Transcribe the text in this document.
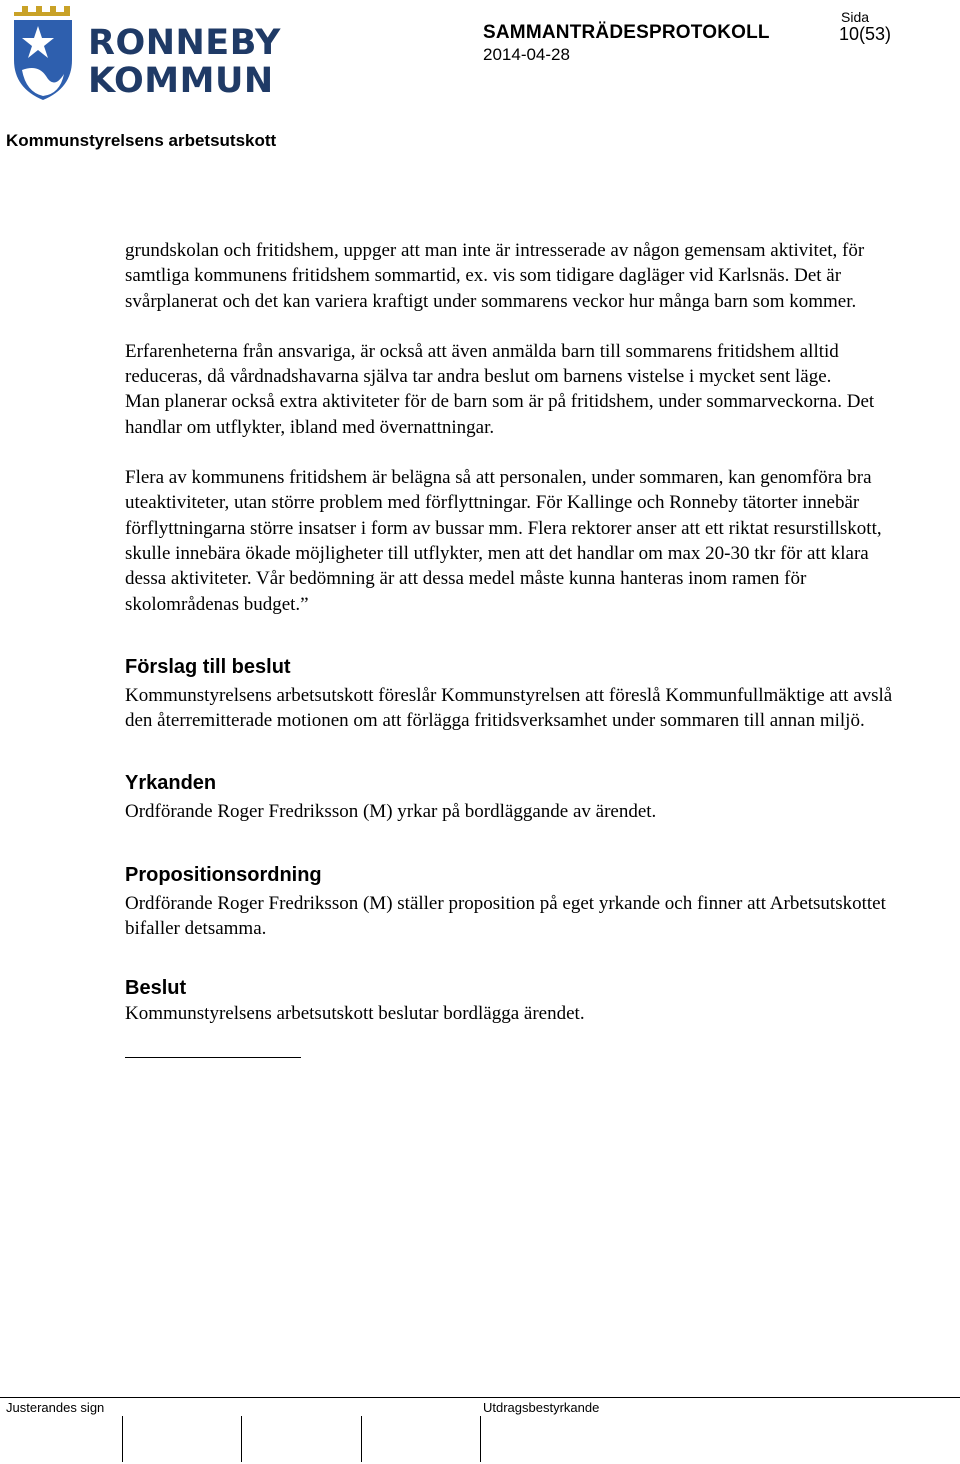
RONNEBY
KOMMUN
SAMMANTRÄDESPROTOKOLL
2014-04-28
Sida
10(53)
Kommunstyrelsens arbetsutskott

grundskolan och fritidshem, uppger att man inte är intresserade av någon gemensam aktivitet, för samtliga kommunens fritidshem sommartid, ex. vis som tidigare dagläger vid Karlsnäs. Det är svårplanerat och det kan variera kraftigt under sommarens veckor hur många barn som kommer.

Erfarenheterna från ansvariga, är också att även anmälda barn till sommarens fritidshem alltid reduceras, då vårdnadshavarna själva tar andra beslut om barnens vistelse i mycket sent läge.

Man planerar också extra aktiviteter för de barn som är på fritidshem, under sommarveckorna. Det handlar om utflykter, ibland med övernattningar.

Flera av kommunens fritidshem är belägna så att personalen, under sommaren, kan genomföra bra uteaktiviteter, utan större problem med förflyttningar. För Kallinge och Ronneby tätorter innebär förflyttningarna större insatser i form av bussar mm. Flera rektorer anser att ett riktat resurstillskott, skulle innebära ökade möjligheter till utflykter, men att det handlar om max 20-30 tkr för att klara dessa aktiviteter. Vår bedömning är att dessa medel måste kunna hanteras inom ramen för skolområdenas budget.”

Förslag till beslut

Kommunstyrelsens arbetsutskott föreslår Kommunstyrelsen att föreslå Kommunfullmäktige att avslå den återremitterade motionen om att förlägga fritidsverksamhet under sommaren till annan miljö.

Yrkanden

Ordförande Roger Fredriksson (M) yrkar på bordläggande av ärendet.

Propositionsordning

Ordförande Roger Fredriksson (M) ställer proposition på eget yrkande och finner att Arbetsutskottet bifaller detsamma.

Beslut

Kommunstyrelsens arbetsutskott beslutar bordlägga ärendet.

Justerandes sign	Utdragsbestyrkande
